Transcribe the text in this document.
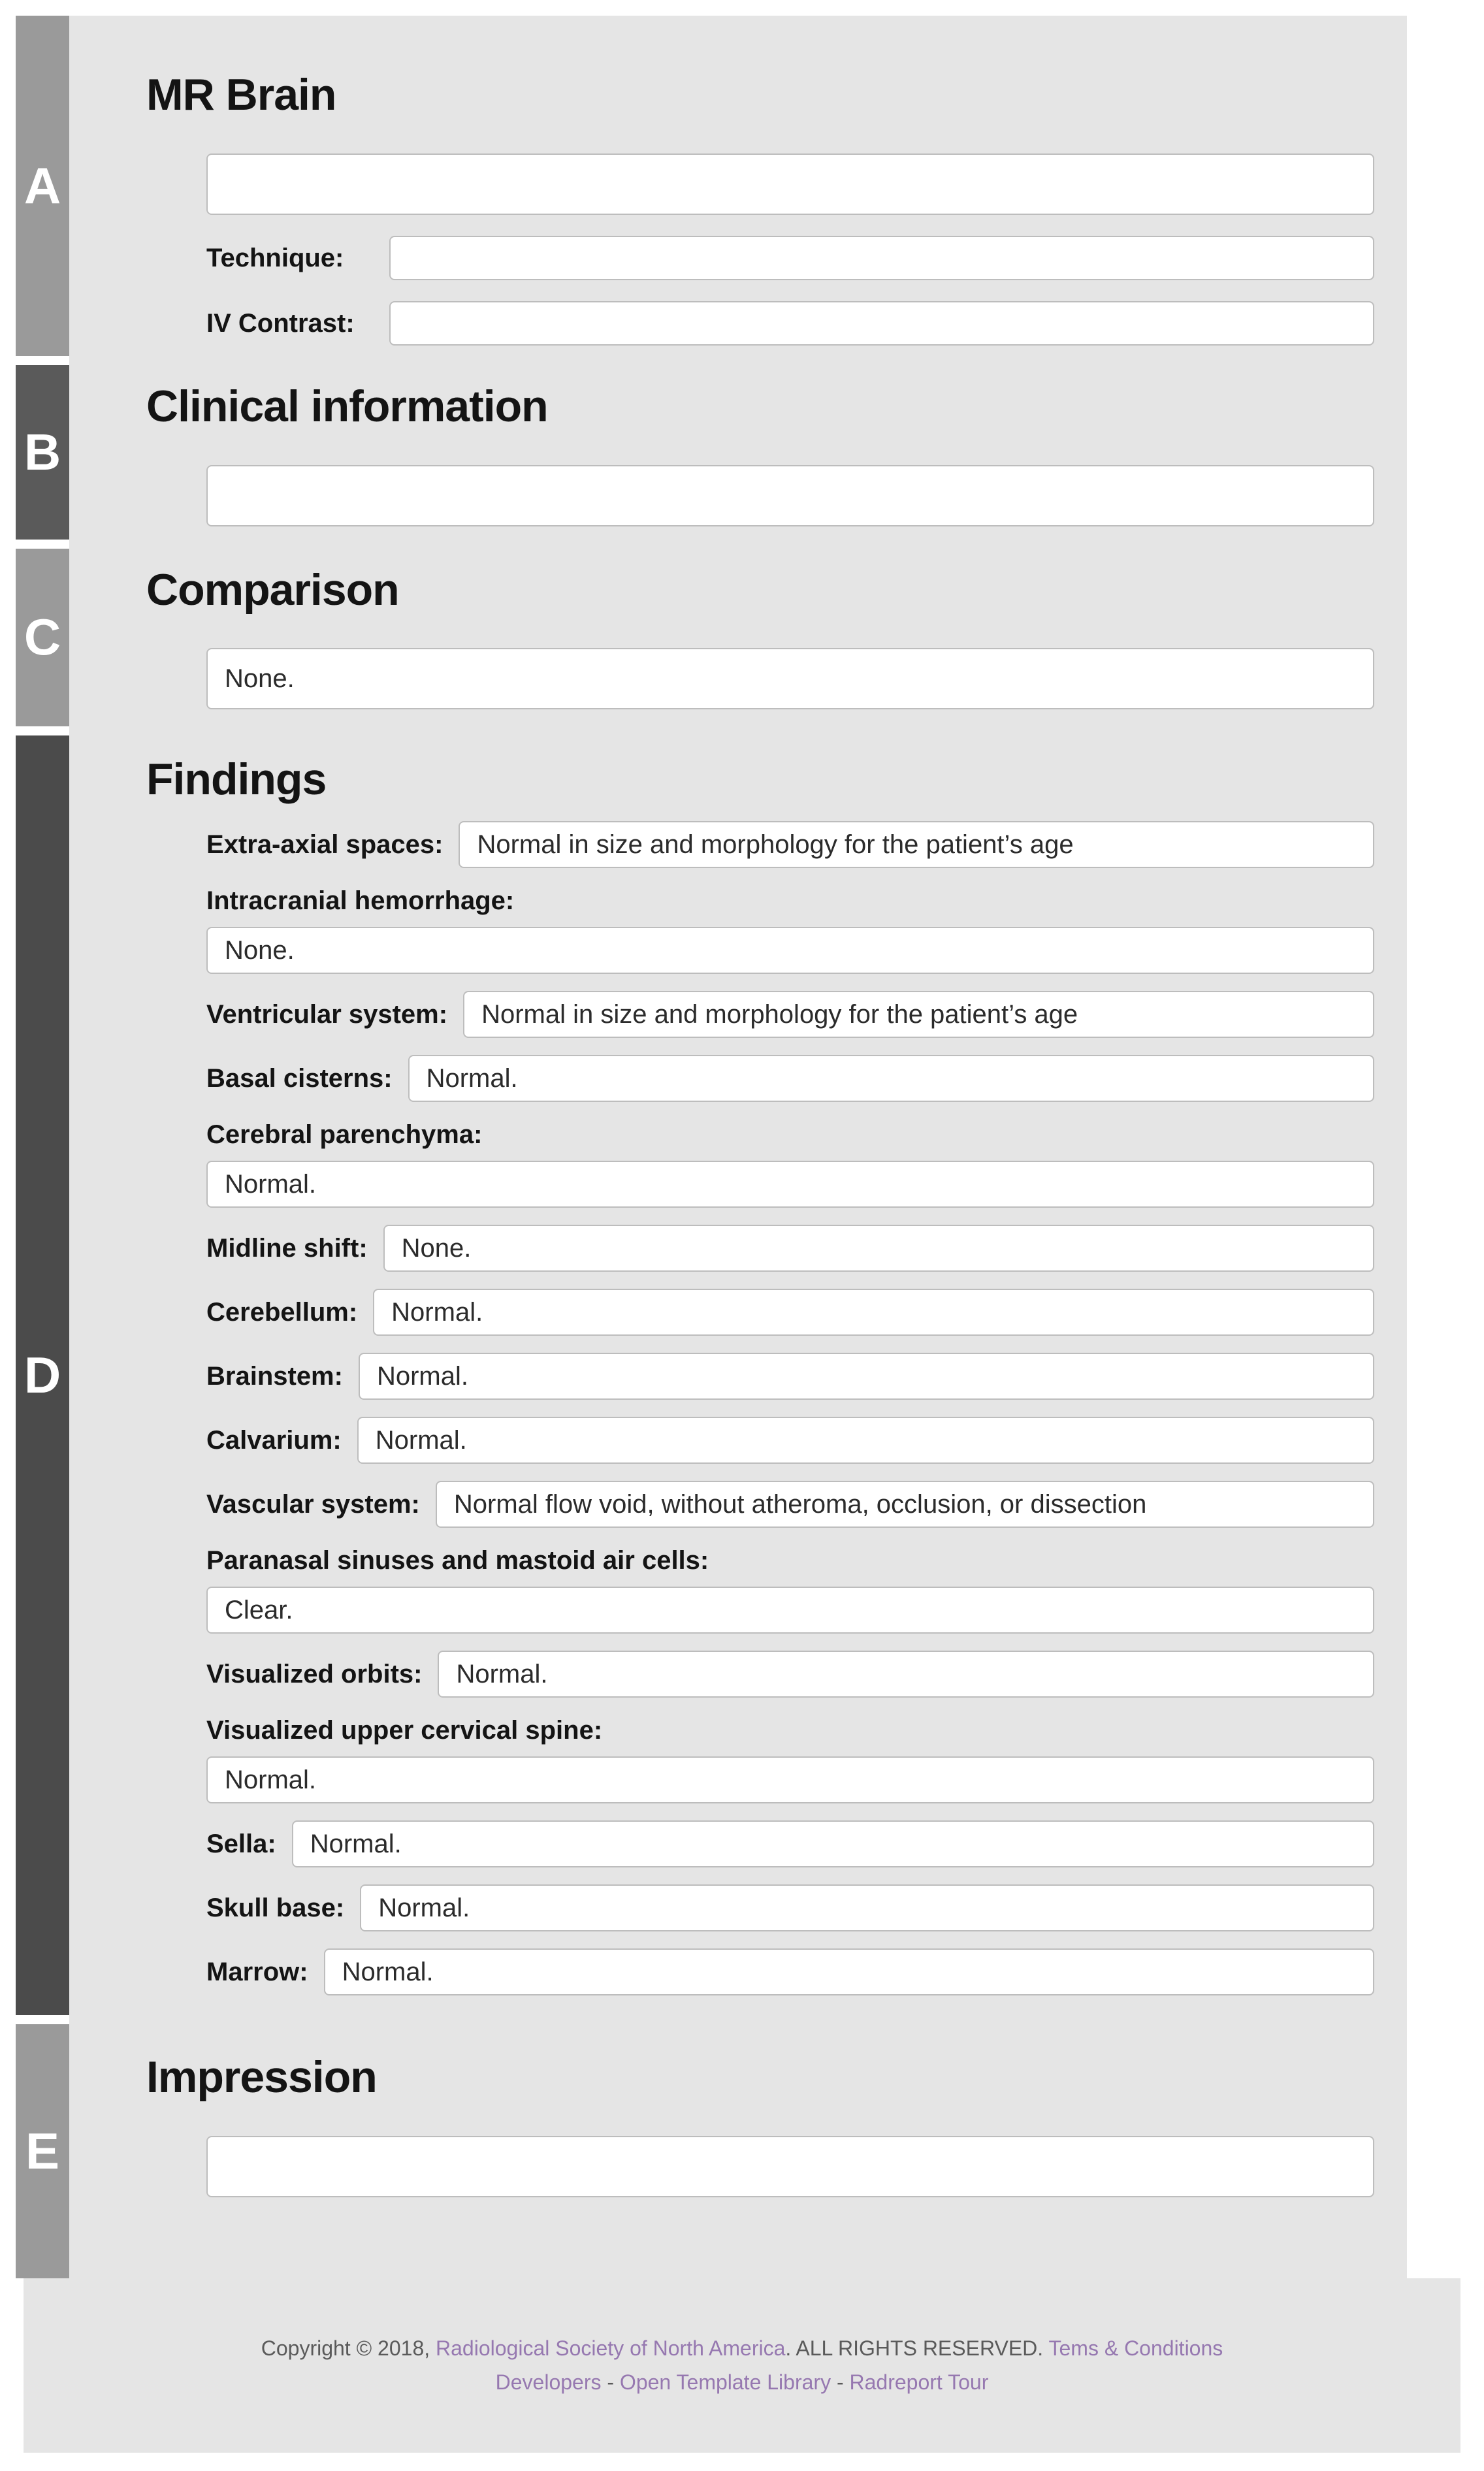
A
MR Brain
Technique:
IV Contrast:
B
Clinical information
C
Comparison
None.
D
Findings
Extra-axial spaces:	Normal in size and morphology for the patient’s age
Intracranial hemorrhage:
None.
Ventricular system:	Normal in size and morphology for the patient’s age
Basal cisterns:	Normal.
Cerebral parenchyma:
Normal.
Midline shift:	None.
Cerebellum:	Normal.
Brainstem:	Normal.
Calvarium:	Normal.
Vascular system:	Normal flow void, without atheroma, occlusion, or dissection
Paranasal sinuses and mastoid air cells:
Clear.
Visualized orbits:	Normal.
Visualized upper cervical spine:
Normal.
Sella:	Normal.
Skull base:	Normal.
Marrow:	Normal.
E
Impression
Copyright © 2018, Radiological Society of North America. ALL RIGHTS RESERVED. Tems & Conditions
Developers - Open Template Library - Radreport Tour
